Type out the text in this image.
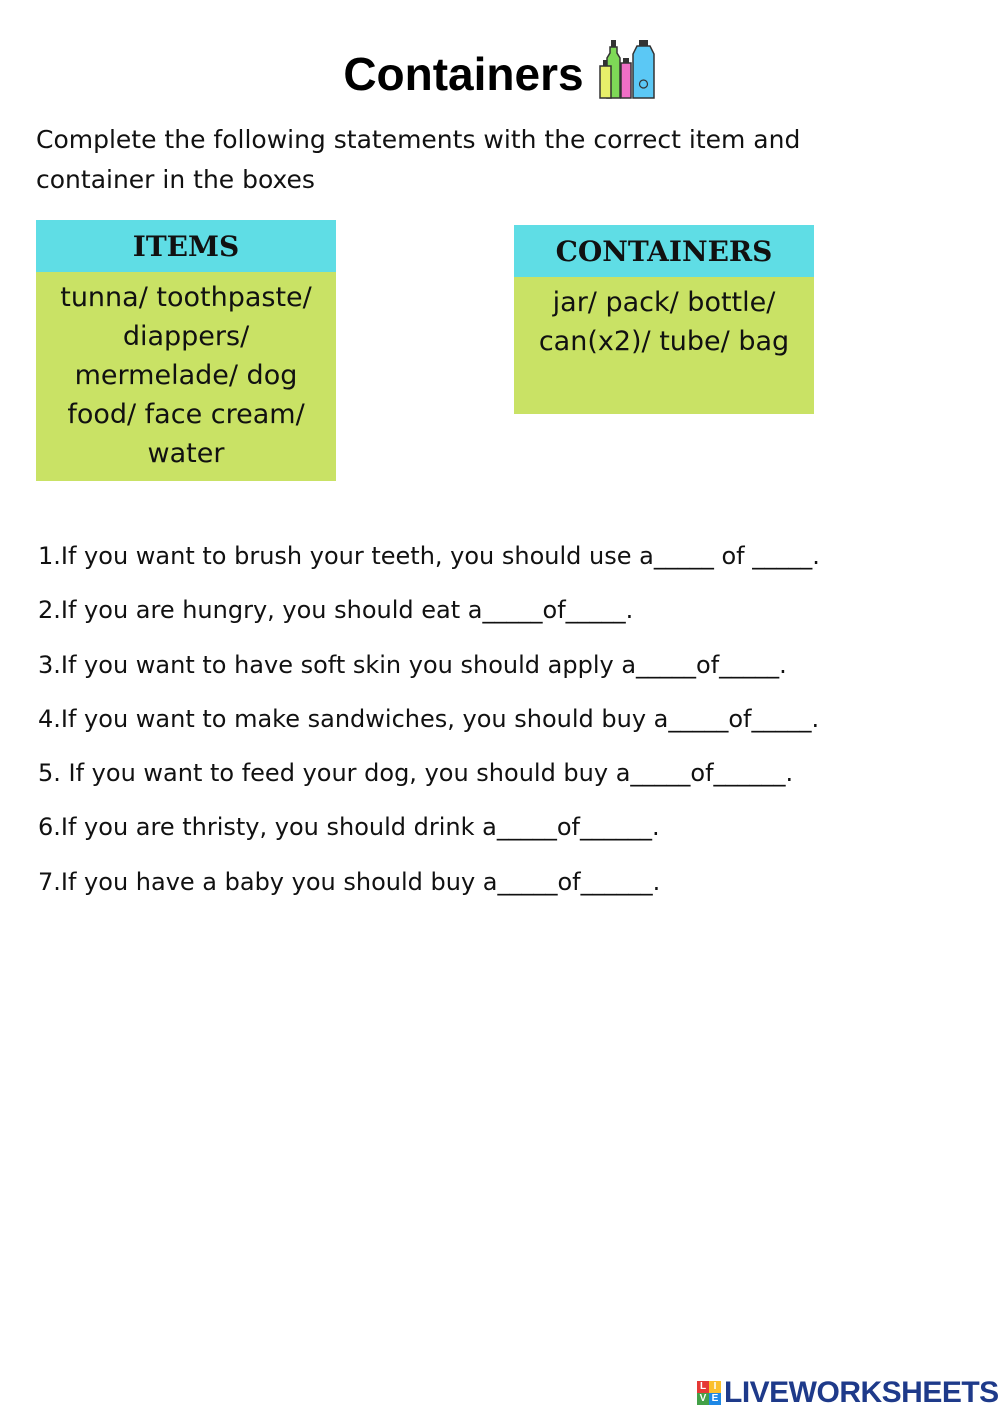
Containers
Complete the following statements with the correct item and container in the boxes
ITEMS
tunna/ toothpaste/ diappers/ mermelade/ dog food/ face cream/ water
CONTAINERS
jar/ pack/ bottle/ can(x2)/ tube/ bag
1.If you want to brush your teeth, you should use a_____ of _____.
2.If you are hungry, you should eat a_____of_____.
3.If you want to have soft skin you should apply a_____of_____.
4.If you want to make sandwiches, you should buy a_____of_____.
5. If you want to feed your dog, you should buy a_____of______.
6.If you are thristy, you should drink a_____of______.
7.If you have a baby you should buy a_____of______.
L I
V E LIVEWORKSHEETS
